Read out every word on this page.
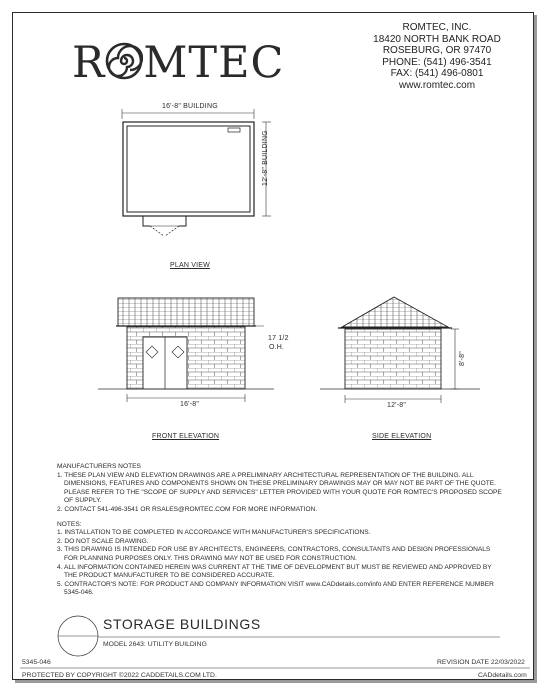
R MTEC
ROMTEC, INC.
18420 NORTH BANK ROAD
ROSEBURG, OR 97470
PHONE: (541) 496-3541
FAX: (541) 496-0801
www.romtec.com
16'-8" BUILDING
12'-8" BUILDING
PLAN VIEW
17 1/2
O.H.
16'-8"
FRONT ELEVATION
8'-8"
12'-8"
SIDE ELEVATION
MANUFACTURERS NOTES
1. THESE PLAN VIEW AND ELEVATION DRAWINGS ARE A PRELIMINARY ARCHITECTURAL REPRESENTATION OF THE BUILDING. ALL DIMENSIONS, FEATURES AND COMPONENTS SHOWN ON THESE PRELIMINARY DRAWINGS MAY OR MAY NOT BE PART OF THE QUOTE. PLEASE REFER TO THE "SCOPE OF SUPPLY AND SERVICES" LETTER PROVIDED WITH YOUR QUOTE FOR ROMTEC'S PROPOSED SCOPE OF SUPPLY.
2. CONTACT 541-496-3541 OR RSALES@ROMTEC.COM FOR MORE INFORMATION.
NOTES:
1. INSTALLATION TO BE COMPLETED IN ACCORDANCE WITH MANUFACTURER'S SPECIFICATIONS.
2. DO NOT SCALE DRAWING.
3. THIS DRAWING IS INTENDED FOR USE BY ARCHITECTS, ENGINEERS, CONTRACTORS, CONSULTANTS AND DESIGN PROFESSIONALS FOR PLANNING PURPOSES ONLY. THIS DRAWING MAY NOT BE USED FOR CONSTRUCTION.
4. ALL INFORMATION CONTAINED HEREIN WAS CURRENT AT THE TIME OF DEVELOPMENT BUT MUST BE REVIEWED AND APPROVED BY THE PRODUCT MANUFACTURER TO BE CONSIDERED ACCURATE.
5. CONTRACTOR'S NOTE: FOR PRODUCT AND COMPANY INFORMATION VISIT www.CADdetails.com/info AND ENTER REFERENCE NUMBER 5345-046.
STORAGE BUILDINGS
MODEL 2643: UTILITY BUILDING
5345-046	REVISION DATE 22/03/2022
PROTECTED BY COPYRIGHT ©2022 CADDETAILS.COM LTD.	CADdetails.com
